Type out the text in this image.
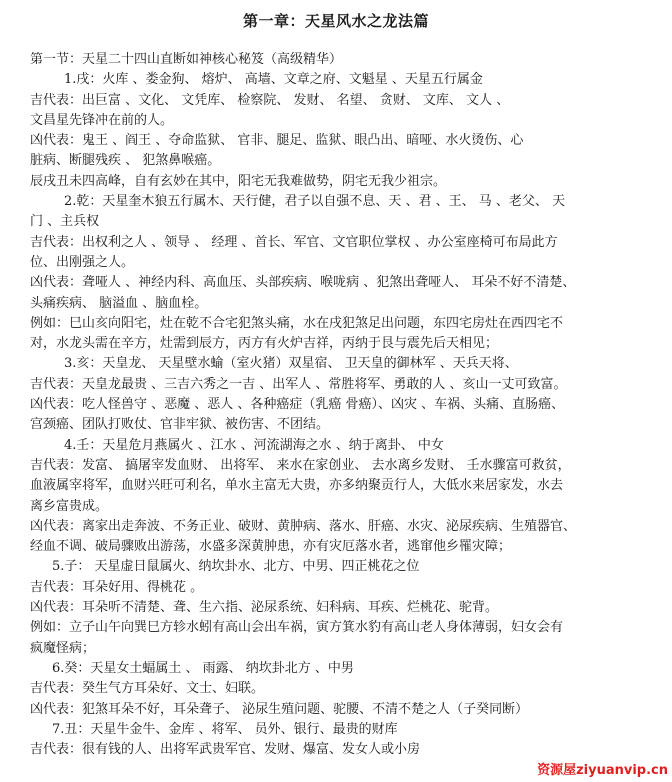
第一章：天星风水之龙法篇
第一节：天星二十四山直断如神核心秘笈（高级精华）
1.戌：火库 、娄金狗、 熔炉、 高墙、文章之府、文魁星 、天星五行属金
吉代表：出巨富 、文化、 文凭库、 检察院、 发财、 名望、 贪财、 文库、 文人 、
文昌星先锋冲在前的人。
凶代表：鬼王 、阎王 、夺命监狱、 官非、腿足、监狱、眼凸出、暗哑、水火烫伤、心
脏病、断腿残疾 、 犯煞鼻喉癌。
辰戌丑未四高峰，自有玄妙在其中，阳宅无我难做势，阴宅无我少祖宗。
2.乾：天星奎木狼五行属木、天行健，君子以自强不息、天 、君 、王、 马 、老父、 天
门 、主兵权
吉代表：出权利之人 、领导 、 经理 、首长、军官、文官职位掌权 、办公室座椅可布局此方
位、出刚强之人。
凶代表：聋哑人 、神经内科、高血压、头部疾病、喉咙病 、犯煞出聋哑人、 耳朵不好不清楚、
头痛疾病、 脑溢血 、脑血栓。
例如：巳山亥向阳宅，灶在乾不合宅犯煞头痛，水在戌犯煞足出问题，东四宅房灶在西四宅不
对，水龙头需在辛方，灶需到辰方，丙方有火炉吉祥，丙纳于艮与震先后天相见；
3.亥：天皇龙、 天星壁水蝓（室火猪）双星宿、 卫天皇的御林军 、天兵天将、
吉代表：天皇龙最贵 、三吉六秀之一吉 、出军人 、常胜将军、勇敢的人 、亥山一丈可致富。
凶代表：吃人怪兽守 、恶魔 、恶人 、各种癌症（乳癌 骨癌）、凶灾 、车祸、头痛、直肠癌、
宫颈癌、团队打败仗、官非牢狱、被伤害、不团结。
4.壬：天星危月燕属火 、江水 、河流湖海之水 、纳于离卦、 中女
吉代表：发富、 搞屠宰发血财、 出将军、 来水在家创业、 去水离乡发财、 壬水骤富可救贫，
血液属宰将军，血财兴旺可利名，单水主富无大贵，亦多纳聚贡行人，大低水来居家发，水去
离乡富贵成。
凶代表：离家出走奔波、不务正业、破财、黄肿病、落水、肝癌、水灾、泌尿疾病、生殖器官、
经血不调、破局骤败出游荡，水盛多深黄肿患，亦有灾厄落水者，逃窜他乡罹灾障；
5.子： 天星虚日鼠属火、纳坎卦水、北方、中男、四正桃花之位
吉代表：耳朵好用、得桃花 。
凶代表：耳朵听不清楚、聋、生六指、泌尿系统、妇科病、耳疾、烂桃花、驼背。
例如：立子山午向巽巳方轸水蚓有高山会出车祸，寅方箕水豹有高山老人身体薄弱，妇女会有
疯魔怪病；
6.癸：天星女土蝠属土 、 雨露、 纳坎卦北方 、中男
吉代表：癸生气方耳朵好、文士、妇联。
凶代表：犯煞耳朵不好，耳朵聋子、 泌尿生殖问题、驼腰、不清不楚之人（子癸同断）
7.丑：天星牛金牛、金库 、将军、 员外、银行、最贵的财库
吉代表：很有钱的人、出将军武贵军官、发财、爆富、发女人或小房
资源屋ziyuanvip.cn
